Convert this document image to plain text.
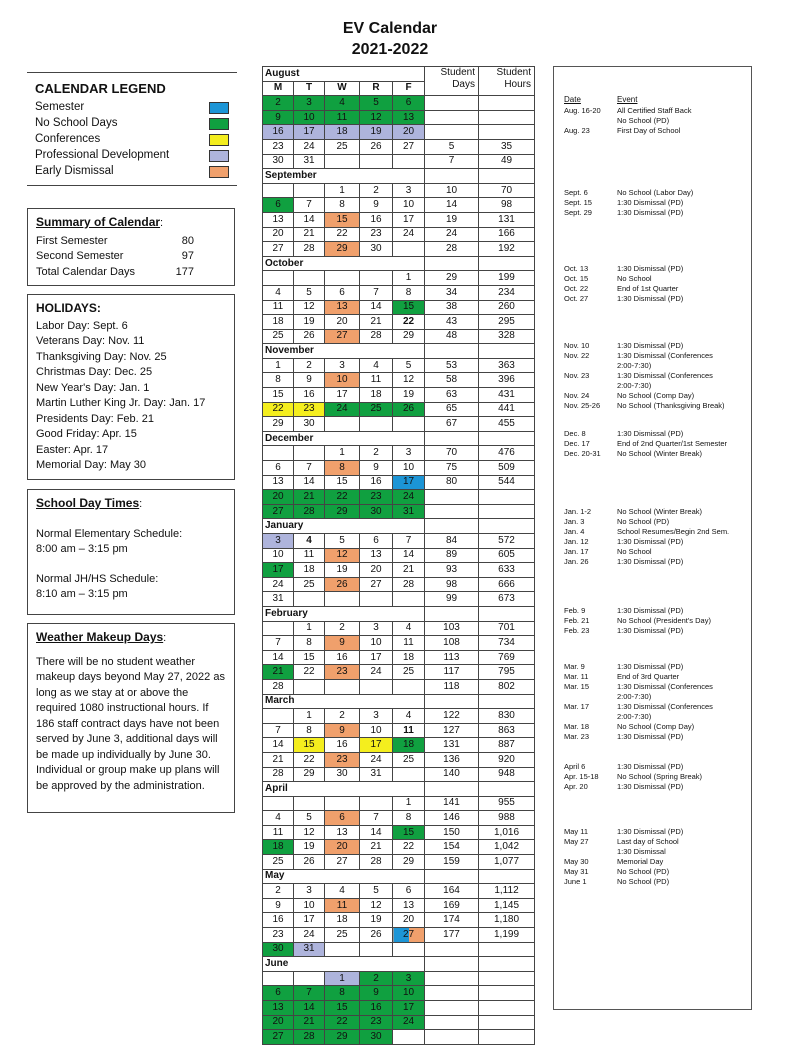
EV Calendar
2021-2022
CALENDAR LEGEND
Semester
No School Days
Conferences
Professional Development
Early Dismissal
Summary of Calendar:
First Semester	80
Second Semester	97
Total Calendar Days	177
HOLIDAYS:
Labor Day: Sept. 6
Veterans Day: Nov. 11
Thanksgiving Day: Nov. 25
Christmas Day: Dec. 25
New Year's Day: Jan. 1
Martin Luther King Jr. Day: Jan. 17
Presidents Day: Feb. 21
Good Friday: Apr. 15
Easter: Apr. 17
Memorial Day: May 30

School Day Times:

Normal Elementary Schedule:
8:00 am – 3:15 pm

Normal JH/HS Schedule:
8:10 am – 3:15 pm

Weather Makeup Days:
There will be no student weather makeup days beyond May 27, 2022 as long as we stay at or above the required 1080 instructional hours. If 186 staff contract days have not been served by June 3, additional days will be made up individually by June 30. Individual or group make up plans will be approved by the administration.
August					Student Days	Student Hours
M	T	W	R	F		
2	3	4	5	6		
9	10	11	12	13		
16	17	18	19	20		
23	24	25	26	27	5	35
30	31				7	49
September						
		1	2	3	10	70
6	7	8	9	10	14	98
13	14	15	16	17	19	131
20	21	22	23	24	24	166
27	28	29	30		28	192
October						
				1	29	199
4	5	6	7	8	34	234
11	12	13	14	15	38	260
18	19	20	21	22	43	295
25	26	27	28	29	48	328
November						
1	2	3	4	5	53	363
8	9	10	11	12	58	396
15	16	17	18	19	63	431
22	23	24	25	26	65	441
29	30				67	455
December						
		1	2	3	70	476
6	7	8	9	10	75	509
13	14	15	16	17	80	544
20	21	22	23	24		
27	28	29	30	31		
January						
3	4	5	6	7	84	572
10	11	12	13	14	89	605
17	18	19	20	21	93	633
24	25	26	27	28	98	666
31					99	673
February						
	1	2	3	4	103	701
7	8	9	10	11	108	734
14	15	16	17	18	113	769
21	22	23	24	25	117	795
28					118	802
March						
	1	2	3	4	122	830
7	8	9	10	11	127	863
14	15	16	17	18	131	887
21	22	23	24	25	136	920
28	29	30	31		140	948
April						
				1	141	955
4	5	6	7	8	146	988
11	12	13	14	15	150	1,016
18	19	20	21	22	154	1,042
25	26	27	28	29	159	1,077
May						
2	3	4	5	6	164	1,112
9	10	11	12	13	169	1,145
16	17	18	19	20	174	1,180
23	24	25	26	27	177	1,199
30	31					
June						
		1	2	3		
6	7	8	9	10		
13	14	15	16	17		
20	21	22	23	24		
27	28	29	30			
Date	Event
Aug. 16-20	All Certified Staff Back
No School (PD)
Aug. 23	First Day of School
Sept. 6	No School (Labor Day)
Sept. 15	1:30 Dismissal (PD)
Sept. 29	1:30 Dismissal (PD)
Oct. 13	1:30 Dismissal (PD)
Oct. 15	No School
Oct. 22	End of 1st Quarter
Oct. 27	1:30 Dismissal (PD)
Nov. 10	1:30 Dismissal (PD)
Nov. 22	1:30 Dismissal (Conferences
2:00-7:30)
Nov. 23	1:30 Dismissal (Conferences
2:00-7:30)
Nov. 24	No School (Comp Day)
Nov. 25-26	No School (Thanksgiving Break)
Dec. 8	1:30 Dismissal (PD)
Dec. 17	End of 2nd Quarter/1st Semester
Dec. 20-31	No School (Winter Break)
Jan. 1-2	No School (Winter Break)
Jan. 3	No School (PD)
Jan. 4	School Resumes/Begin 2nd Sem.
Jan. 12	1:30 Dismissal (PD)
Jan. 17	No School
Jan. 26	1:30 Dismissal (PD)
Feb. 9	1:30 Dismissal (PD)
Feb. 21	No School (President's Day)
Feb. 23	1:30 Dismissal (PD)
Mar. 9	1:30 Dismissal (PD)
Mar. 11	End of 3rd Quarter
Mar. 15	1:30 Dismissal (Conferences
2:00-7:30)
Mar. 17	1:30 Dismissal (Conferences
2:00-7:30)
Mar. 18	No School (Comp Day)
Mar. 23	1:30 Dismissal (PD)
April 6	1:30 Dismissal (PD)
Apr. 15-18	No School (Spring Break)
Apr. 20	1:30 Dismissal (PD)
May 11	1:30 Dismissal (PD)
May 27	Last day of School
1:30 Dismissal
May 30	Memorial Day
May 31	No School (PD)
June 1	No School (PD)
